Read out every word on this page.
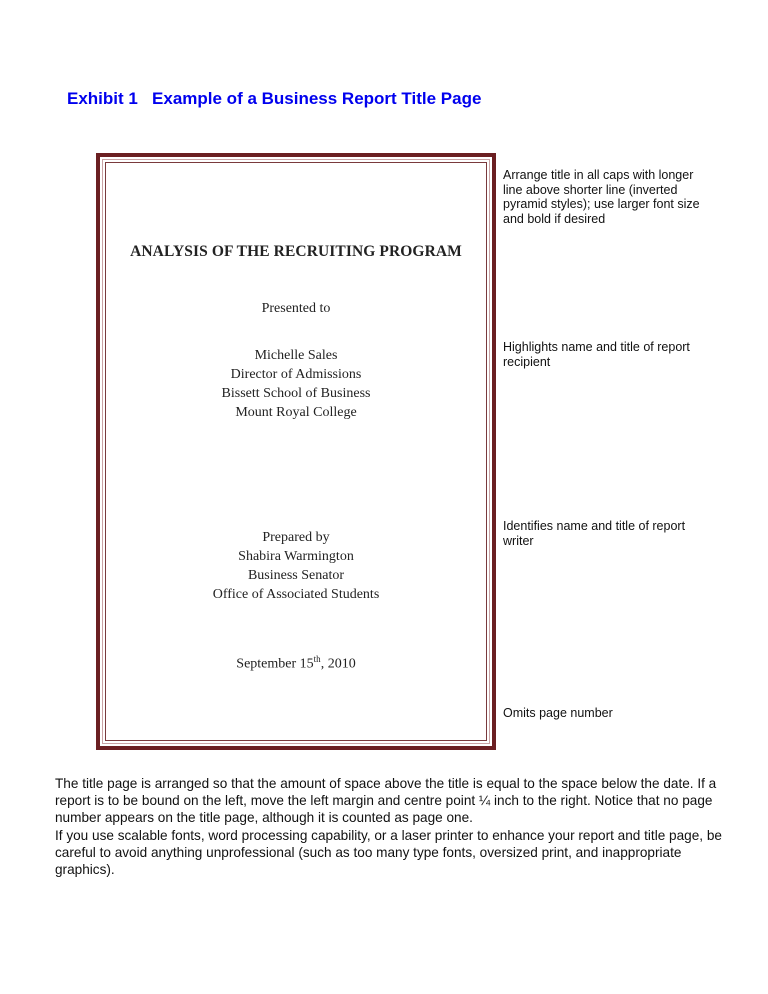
Exhibit 1 Example of a Business Report Title Page
ANALYSIS OF THE RECRUITING PROGRAM
Presented to
Michelle Sales
Director of Admissions
Bissett School of Business
Mount Royal College
Prepared by
Shabira Warmington
Business Senator
Office of Associated Students
September 15th, 2010
Arrange title in all caps with longer line above shorter line (inverted pyramid styles); use larger font size and bold if desired
Highlights name and title of report recipient
Identifies name and title of report writer
Omits page number

The title page is arranged so that the amount of space above the title is equal to the space below the date. If a report is to be bound on the left, move the left margin and centre point ¼ inch to the right. Notice that no page number appears on the title page, although it is counted as page one.

If you use scalable fonts, word processing capability, or a laser printer to enhance your report and title page, be careful to avoid anything unprofessional (such as too many type fonts, oversized print, and inappropriate graphics).
